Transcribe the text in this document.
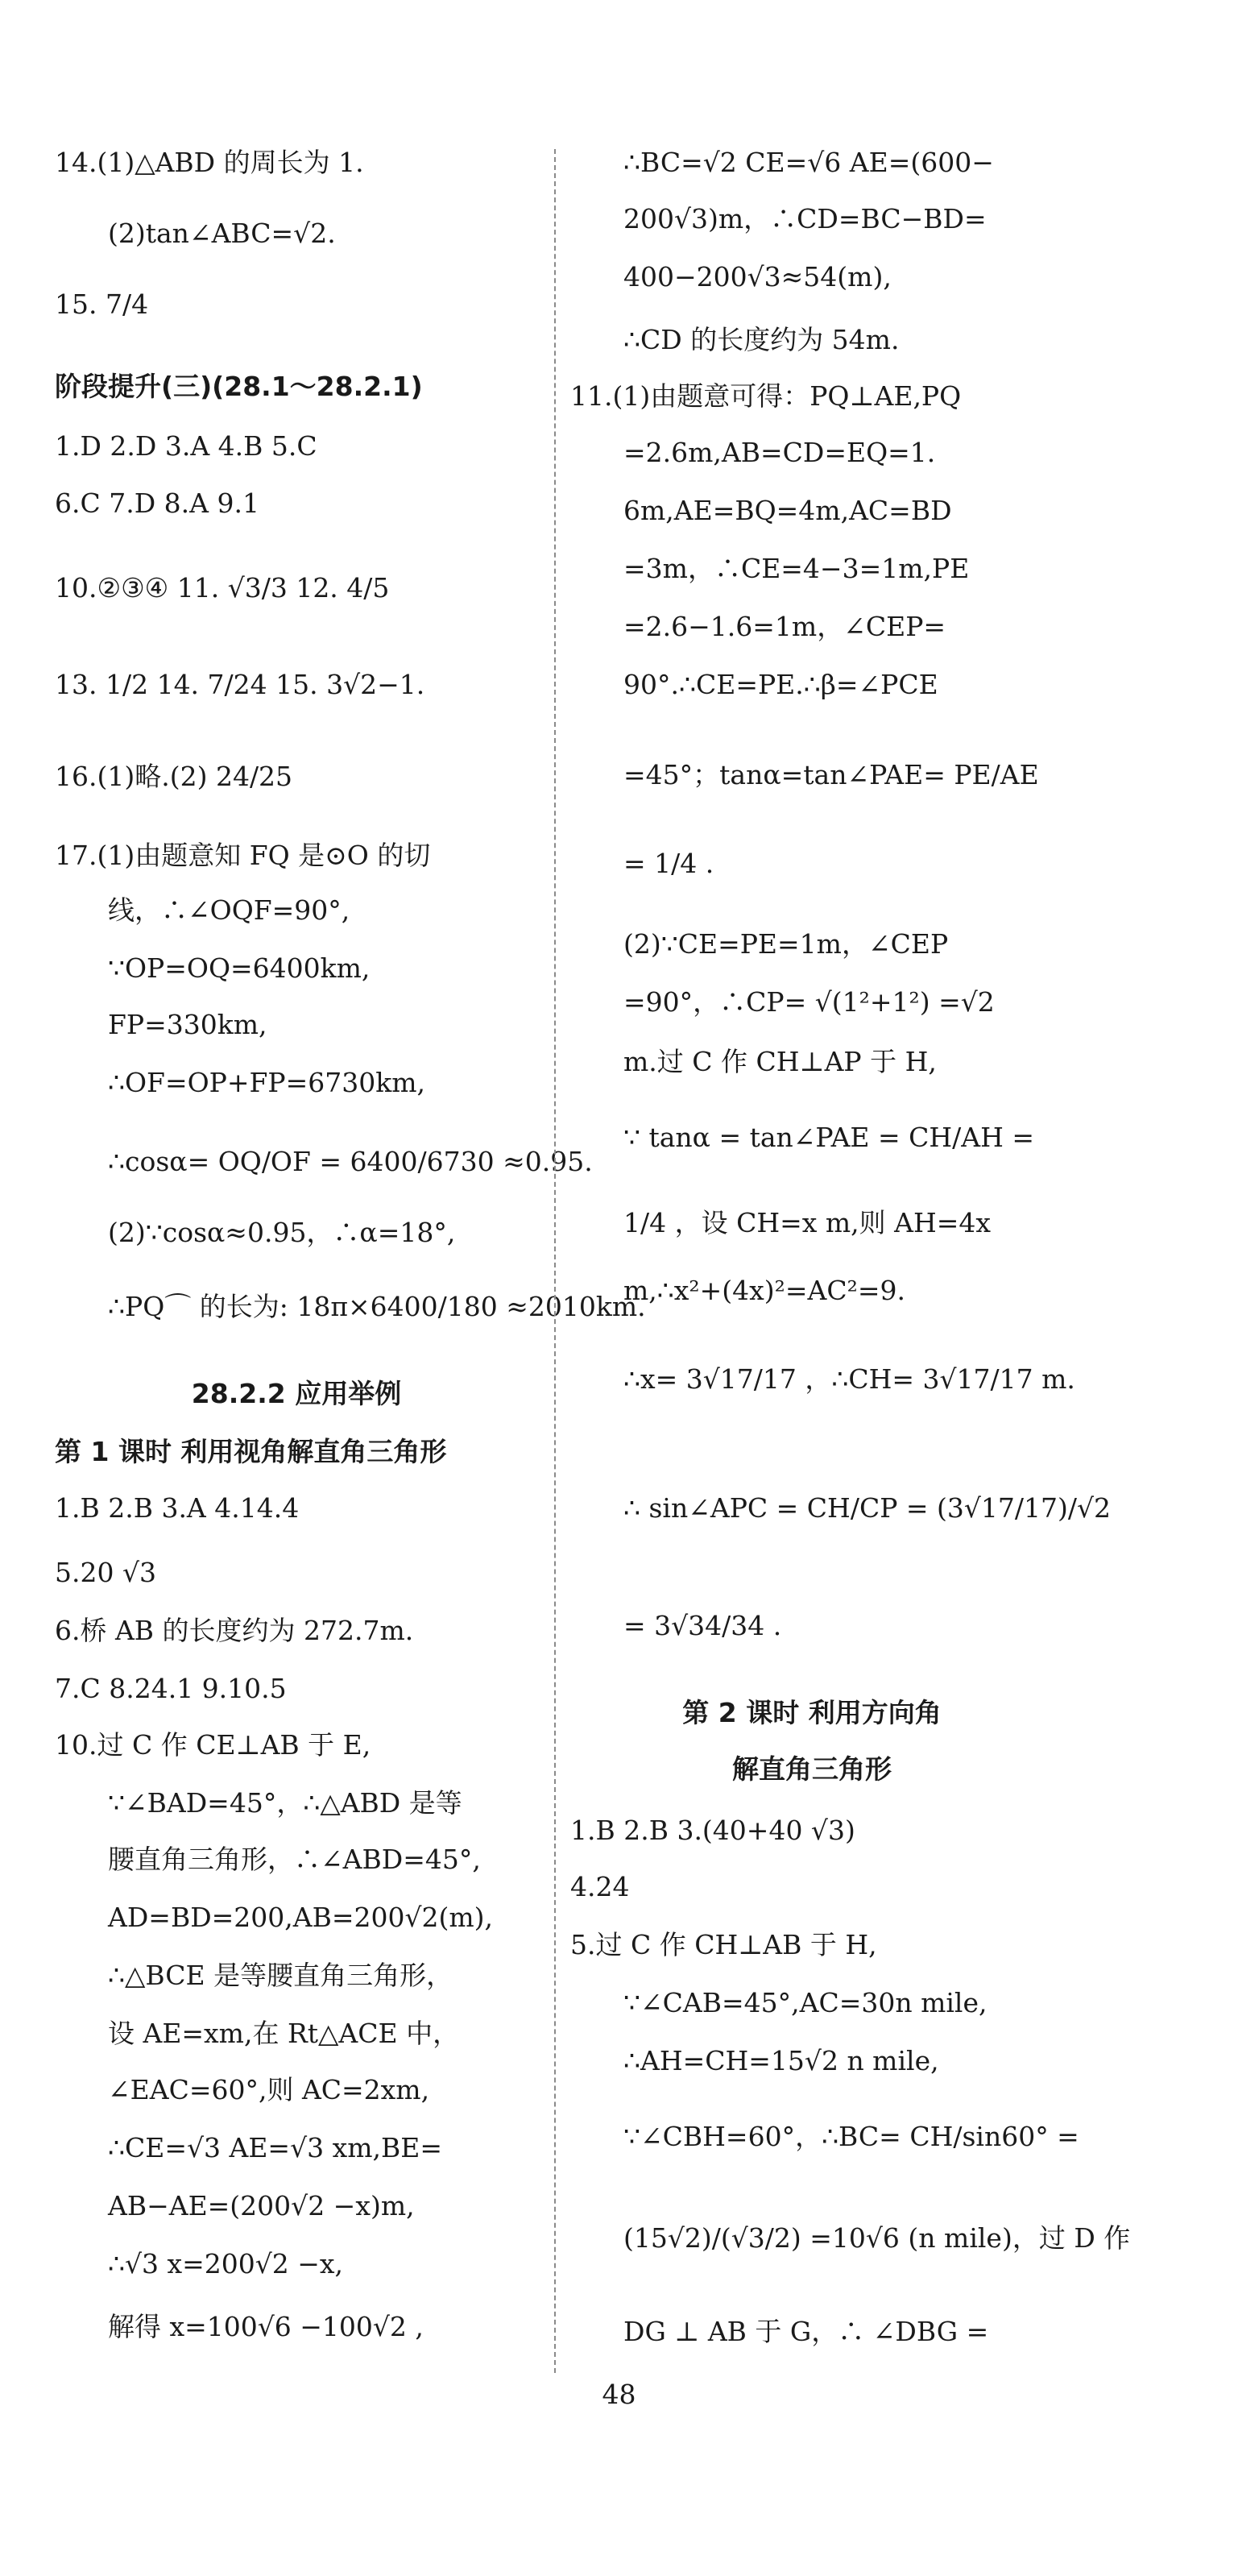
14.(1)△ABD 的周长为 1.
(2)tan∠ABC=√2.
15. 7/4
阶段提升(三)(28.1～28.2.1)
1.D 2.D 3.A 4.B 5.C
6.C 7.D 8.A 9.1
10.②③④ 11. √3/3 12. 4/5
13. 1/2 14. 7/24 15. 3√2−1.
16.(1)略.(2) 24/25
17.(1)由题意知 FQ 是⊙O 的切
线，∴∠OQF=90°,
∵OP=OQ=6400km,
FP=330km,
∴OF=OP+FP=6730km,
∴cosα= OQ/OF = 6400/6730 ≈0.95.
(2)∵cosα≈0.95，∴α=18°,
∴PQ⌒ 的长为: 18π×6400/180 ≈2010km.
28.2.2 应用举例
第 1 课时 利用视角解直角三角形
1.B 2.B 3.A 4.14.4
5.20 √3
6.桥 AB 的长度约为 272.7m.
7.C 8.24.1 9.10.5
10.过 C 作 CE⊥AB 于 E,
∵∠BAD=45°，∴△ABD 是等
腰直角三角形，∴∠ABD=45°,
AD=BD=200,AB=200√2(m),
∴△BCE 是等腰直角三角形，
设 AE=xm,在 Rt△ACE 中，
∠EAC=60°,则 AC=2xm,
∴CE=√3 AE=√3 xm,BE=
AB−AE=(200√2 −x)m,
∴√3 x=200√2 −x,
解得 x=100√6 −100√2 ,
∴BC=√2 CE=√6 AE=(600−
200√3)m，∴CD=BC−BD=
400−200√3≈54(m),
∴CD 的长度约为 54m.
11.(1)由题意可得：PQ⊥AE,PQ
=2.6m,AB=CD=EQ=1.
6m,AE=BQ=4m,AC=BD
=3m，∴CE=4−3=1m,PE
=2.6−1.6=1m，∠CEP=
90°.∴CE=PE.∴β=∠PCE
=45°；tanα=tan∠PAE= PE/AE
= 1/4 .
(2)∵CE=PE=1m，∠CEP
=90°，∴CP= √(1²+1²) =√2
m.过 C 作 CH⊥AP 于 H,
∵ tanα = tan∠PAE = CH/AH =
1/4 ，设 CH=x m,则 AH=4x
m,∴x²+(4x)²=AC²=9.
∴x= 3√17/17 ，∴CH= 3√17/17 m.
∴ sin∠APC = CH/CP = (3√17/17)/√2
= 3√34/34 .
第 2 课时 利用方向角
解直角三角形
1.B 2.B 3.(40+40 √3)
4.24
5.过 C 作 CH⊥AB 于 H,
∵∠CAB=45°,AC=30n mile,
∴AH=CH=15√2 n mile,
∵∠CBH=60°，∴BC= CH/sin60° =
(15√2)/(√3/2) =10√6 (n mile)，过 D 作
DG ⊥ AB 于 G，∴ ∠DBG =
48
